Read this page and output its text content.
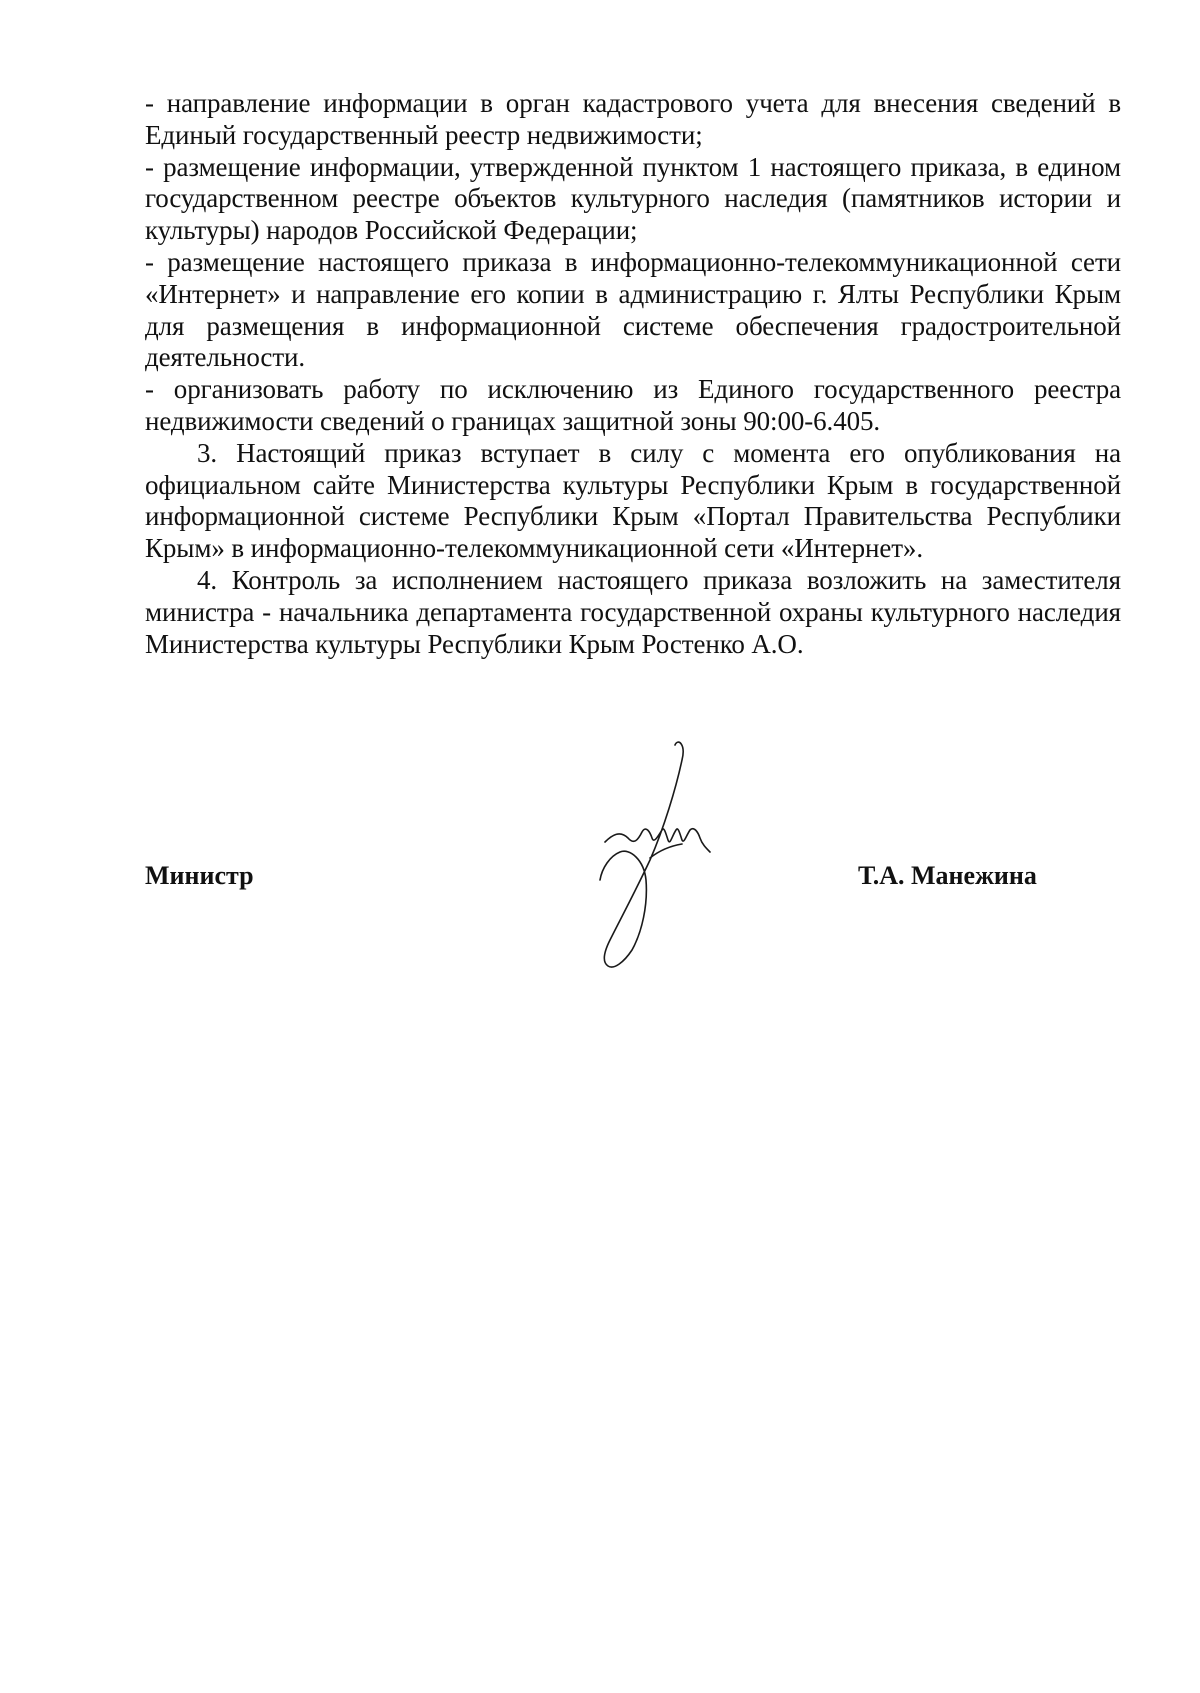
- направление информации в орган кадастрового учета для внесения сведений в Единый государственный реестр недвижимости;

- размещение информации, утвержденной пунктом 1 настоящего приказа, в едином государственном реестре объектов культурного наследия (памятников истории и культуры) народов Российской Федерации;

- размещение настоящего приказа в информационно-телекоммуникационной сети «Интернет» и направление его копии в администрацию г. Ялты Республики Крым для размещения в информационной системе обеспечения градостроительной деятельности.

- организовать работу по исключению из Единого государственного реестра недвижимости сведений о границах защитной зоны 90:00-6.405.

3. Настоящий приказ вступает в силу с момента его опубликования на официальном сайте Министерства культуры Республики Крым в государственной информационной системе Республики Крым «Портал Правительства Республики Крым» в информационно-телекоммуникационной сети «Интернет».

4. Контроль за исполнением настоящего приказа возложить на заместителя министра - начальника департамента государственной охраны культурного наследия Министерства культуры Республики Крым Ростенко А.О.

Министр	Т.А. Манежина
